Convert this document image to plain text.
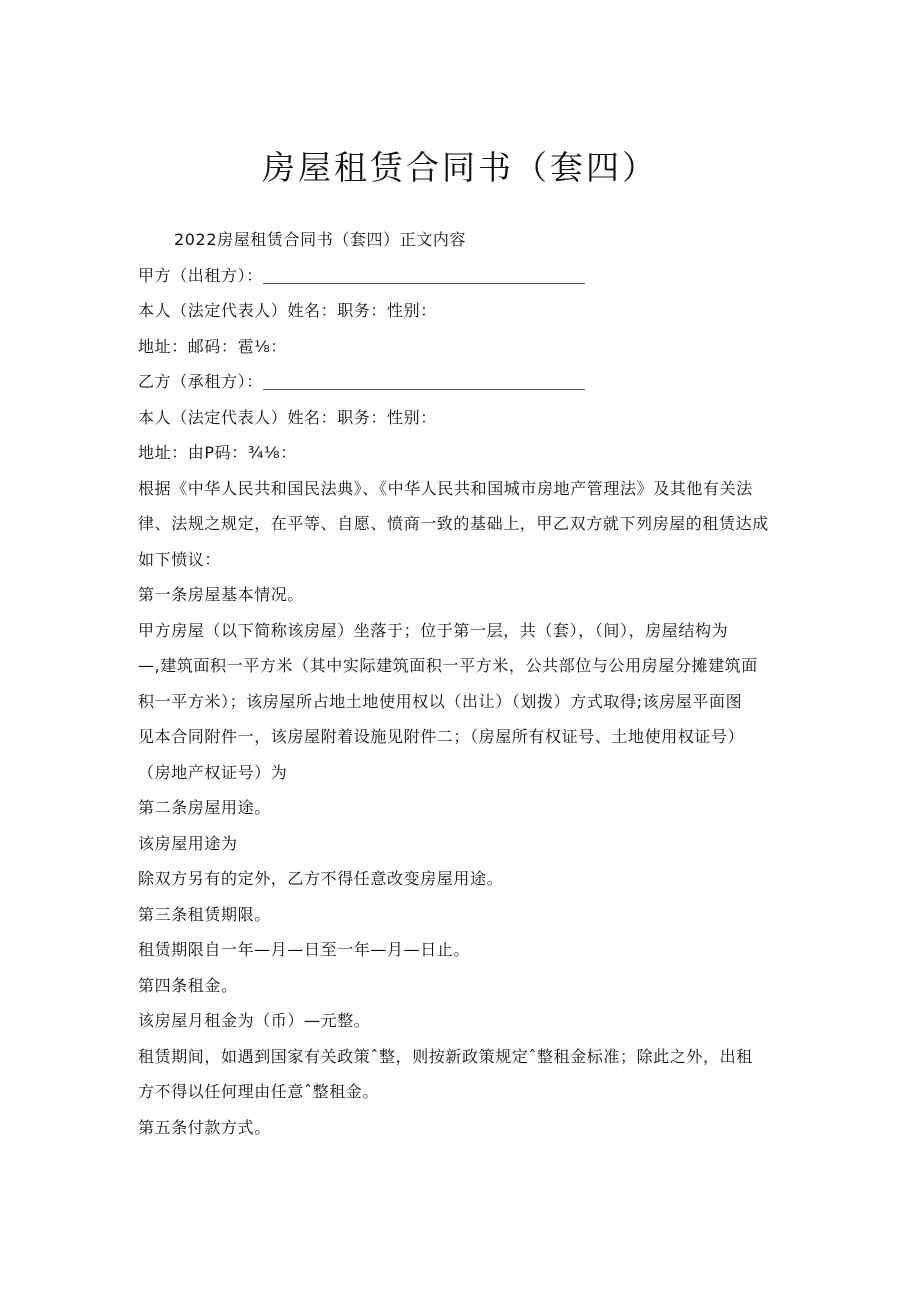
房屋租赁合同书（套四）
2022房屋租赁合同书（套四）正文内容
甲方（出租方）：
本人（法定代表人）姓名：职务：性别：
地址：邮码：雹⅛：
乙方（承租方）：
本人（法定代表人）姓名：职务：性别：
地址：由P码：¾⅛：
根据《中华人民共和国民法典》、《中华人民共和国城市房地产管理法》及其他有关法
律、法规之规定，在平等、自愿、愤商一致的基础上，甲乙双方就下列房屋的租赁达成
如下愤议：
第一条房屋基本情况。
甲方房屋（以下简称该房屋）坐落于；位于第一层，共（套），（间），房屋结构为
—,建筑面积一平方米（其中实际建筑面积一平方米，公共部位与公用房屋分摊建筑面
积一平方米）；该房屋所占地土地使用权以（出让）（划拨）方式取得;该房屋平面图
见本合同附件一，该房屋附着设施见附件二；（房屋所有权证号、土地使用权证号）
（房地产权证号）为
第二条房屋用途。
该房屋用途为
除双方另有的定外，乙方不得任意改变房屋用途。
第三条租赁期限。
租赁期限自一年—月—日至一年—月—日止。
第四条租金。
该房屋月租金为（币）—元整。
租赁期间，如遇到国家有关政策ˆ整，则按新政策规定ˆ整租金标准；除此之外，出租
方不得以任何理由任意ˆ整租金。
第五条付款方式。
